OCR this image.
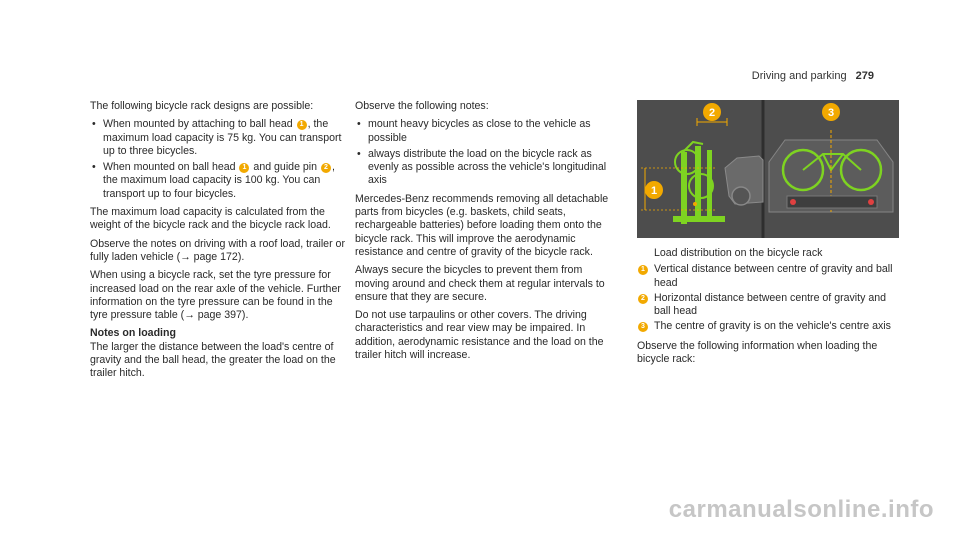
Driving and parking 279

The following bicycle rack designs are possible:

• When mounted by attaching to ball head 1 , the maximum load capacity is 75 kg. You can transport up to three bicycles.
• When mounted on ball head 1 and guide pin 2 , the maximum load capacity is 100 kg. You can transport up to four bicycles.

The maximum load capacity is calculated from the weight of the bicycle rack and the bicycle rack load.

Observe the notes on driving with a roof load, trailer or fully laden vehicle (→ page 172).

When using a bicycle rack, set the tyre pressure for increased load on the rear axle of the vehicle. Further information on the tyre pressure can be found in the tyre pressure table (→ page 397).

Notes on loading

The larger the distance between the load's centre of gravity and the ball head, the greater the load on the trailer hitch.

Observe the following notes:

• mount heavy bicycles as close to the vehicle as possible
• always distribute the load on the bicycle rack as evenly as possible across the vehicle's longitudinal axis

Mercedes-Benz recommends removing all detachable parts from bicycles (e.g. baskets, child seats, rechargeable batteries) before loading them onto the bicycle rack. This will improve the aerodynamic resistance and centre of gravity of the bicycle rack.

Always secure the bicycles to prevent them from moving around and check them at regular intervals to ensure that they are secure.

Do not use tarpaulins or other covers. The driving characteristics and rear view may be impaired. In addition, aerodynamic resistance and the load on the trailer hitch will increase.

1
2	3
Load distribution on the bicycle rack
1 Vertical distance between centre of gravity and ball head
2 Horizontal distance between centre of gravity and ball head
3 The centre of gravity is on the vehicle's centre axis

Observe the following information when loading the bicycle rack:

carmanualsonline.info
